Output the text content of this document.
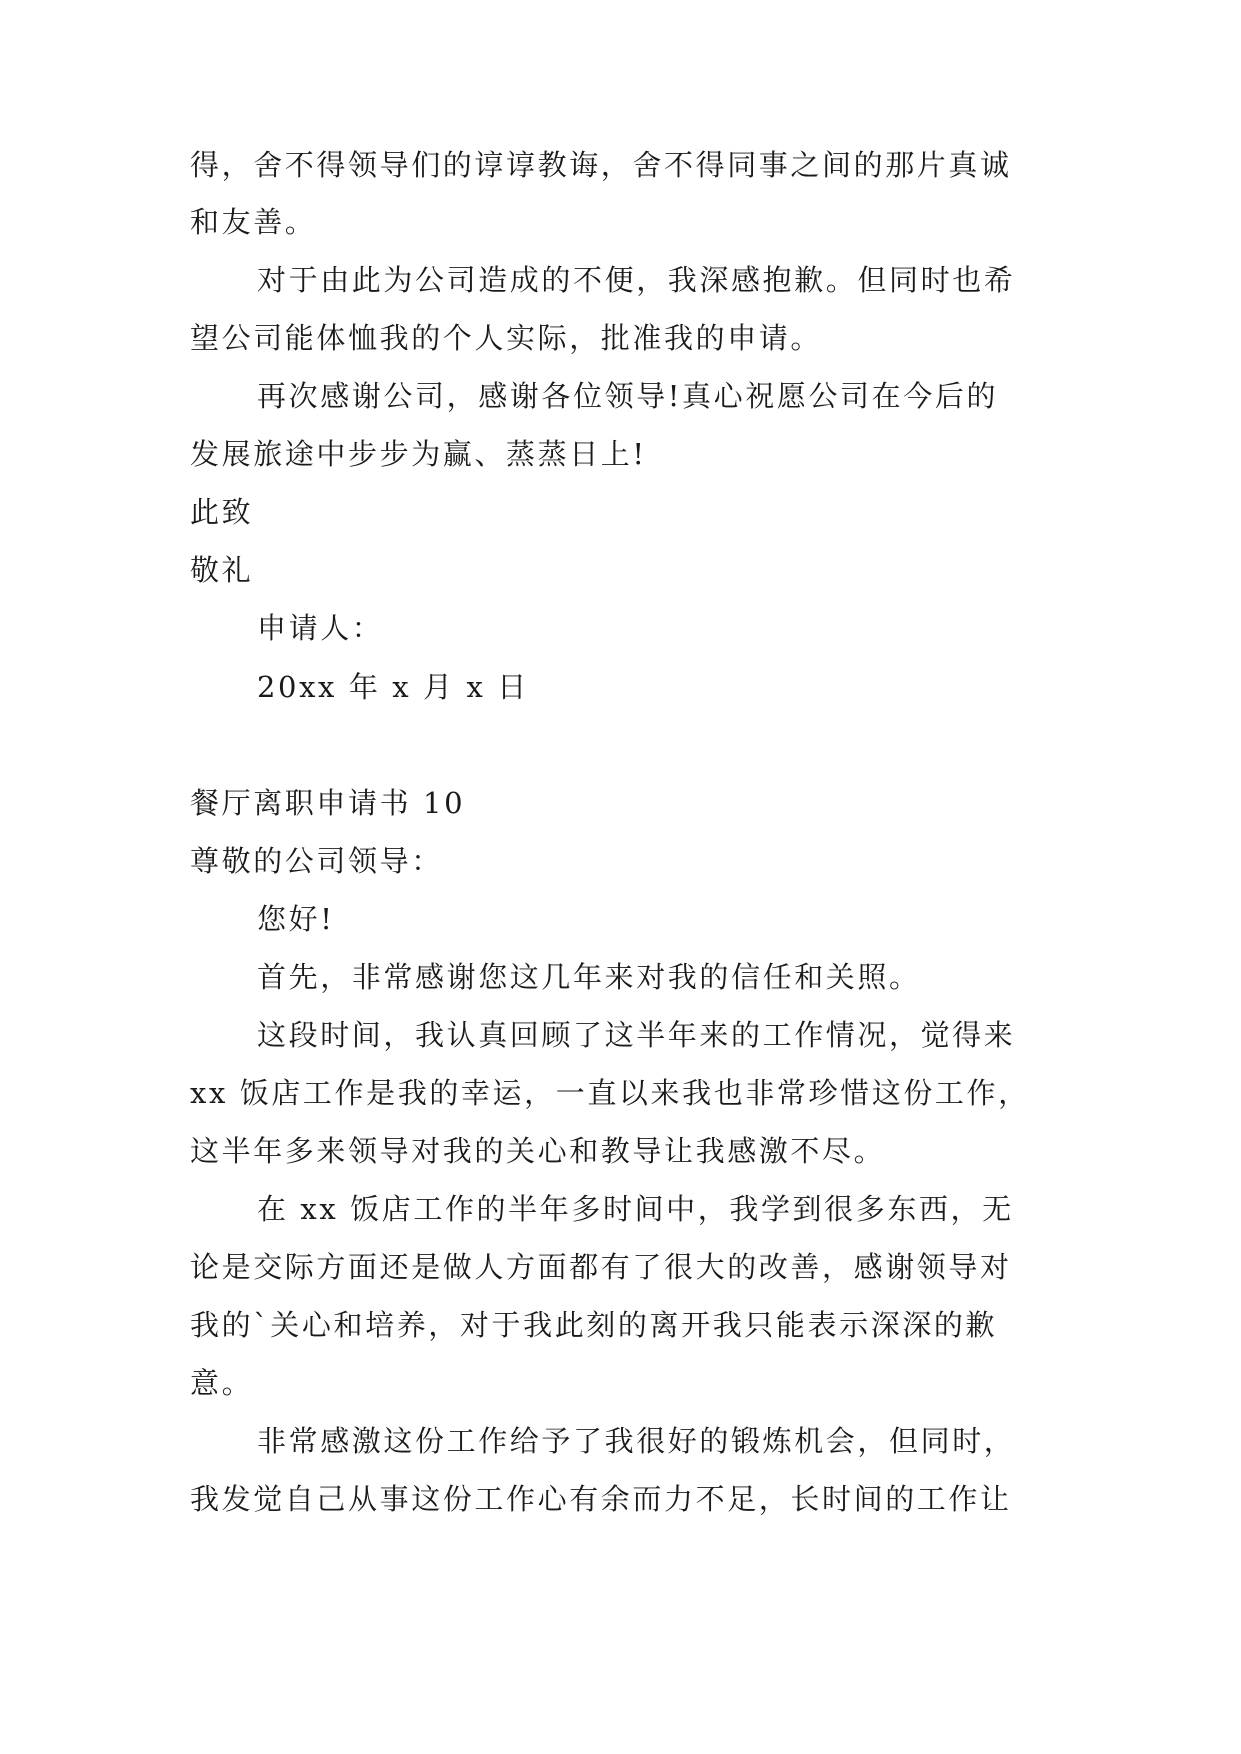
得，舍不得领导们的谆谆教诲，舍不得同事之间的那片真诚
和友善。
对于由此为公司造成的不便，我深感抱歉。但同时也希
望公司能体恤我的个人实际，批准我的申请。
再次感谢公司，感谢各位领导!真心祝愿公司在今后的
发展旅途中步步为赢、蒸蒸日上!
此致
敬礼
申请人：
20xx 年 x 月 x 日
餐厅离职申请书 10
尊敬的公司领导：
您好!
首先，非常感谢您这几年来对我的信任和关照。
这段时间，我认真回顾了这半年来的工作情况，觉得来
xx 饭店工作是我的幸运，一直以来我也非常珍惜这份工作，
这半年多来领导对我的关心和教导让我感激不尽。
在 xx 饭店工作的半年多时间中，我学到很多东西，无
论是交际方面还是做人方面都有了很大的改善，感谢领导对
我的`关心和培养，对于我此刻的离开我只能表示深深的歉
意。
非常感激这份工作给予了我很好的锻炼机会，但同时，
我发觉自己从事这份工作心有余而力不足，长时间的工作让
